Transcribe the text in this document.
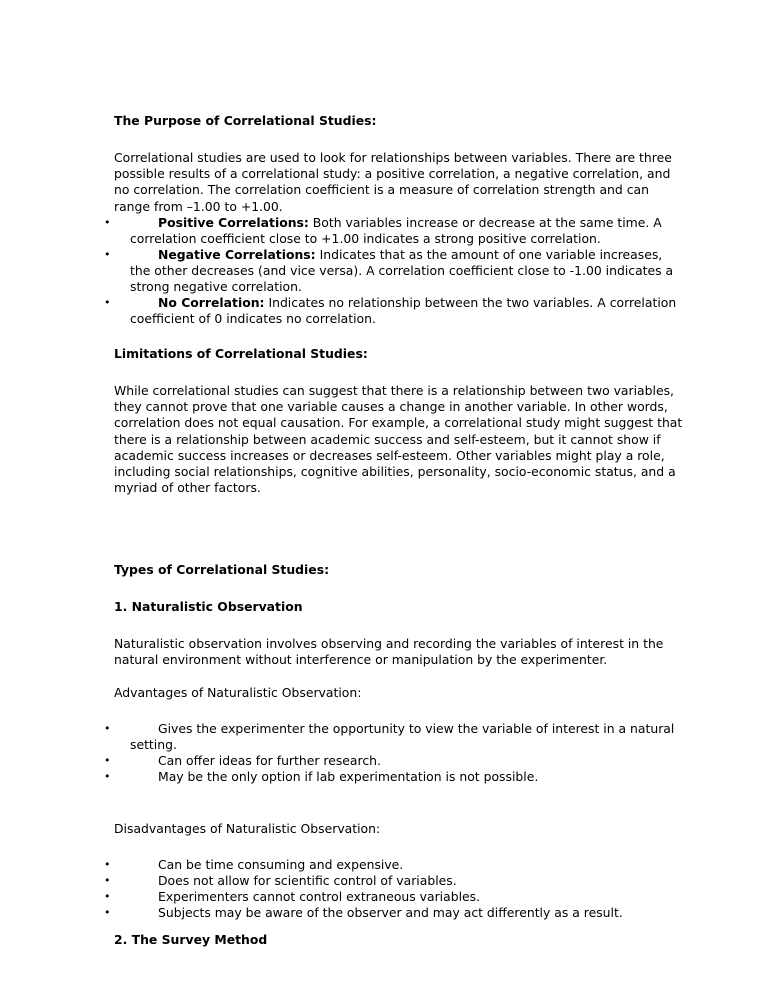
The Purpose of Correlational Studies:

Correlational studies are used to look for relationships between variables. There are three possible results of a correlational study: a positive correlation, a negative correlation, and no correlation. The correlation coefficient is a measure of correlation strength and can range from –1.00 to +1.00.

•	Positive Correlations: Both variables increase or decrease at the same time. A correlation coefficient close to +1.00 indicates a strong positive correlation.
•	Negative Correlations: Indicates that as the amount of one variable increases, the other decreases (and vice versa). A correlation coefficient close to -1.00 indicates a strong negative correlation.
•	No Correlation: Indicates no relationship between the two variables. A correlation coefficient of 0 indicates no correlation.

Limitations of Correlational Studies:

While correlational studies can suggest that there is a relationship between two variables, they cannot prove that one variable causes a change in another variable. In other words, correlation does not equal causation. For example, a correlational study might suggest that there is a relationship between academic success and self-esteem, but it cannot show if academic success increases or decreases self-esteem. Other variables might play a role, including social relationships, cognitive abilities, personality, socio-economic status, and a myriad of other factors.

Types of Correlational Studies:

1. Naturalistic Observation

Naturalistic observation involves observing and recording the variables of interest in the natural environment without interference or manipulation by the experimenter.

Advantages of Naturalistic Observation:

•	Gives the experimenter the opportunity to view the variable of interest in a natural setting.
•	Can offer ideas for further research.
•	May be the only option if lab experimentation is not possible.

Disadvantages of Naturalistic Observation:

•	Can be time consuming and expensive.
•	Does not allow for scientific control of variables.
•	Experimenters cannot control extraneous variables.
•	Subjects may be aware of the observer and may act differently as a result.

2. The Survey Method
